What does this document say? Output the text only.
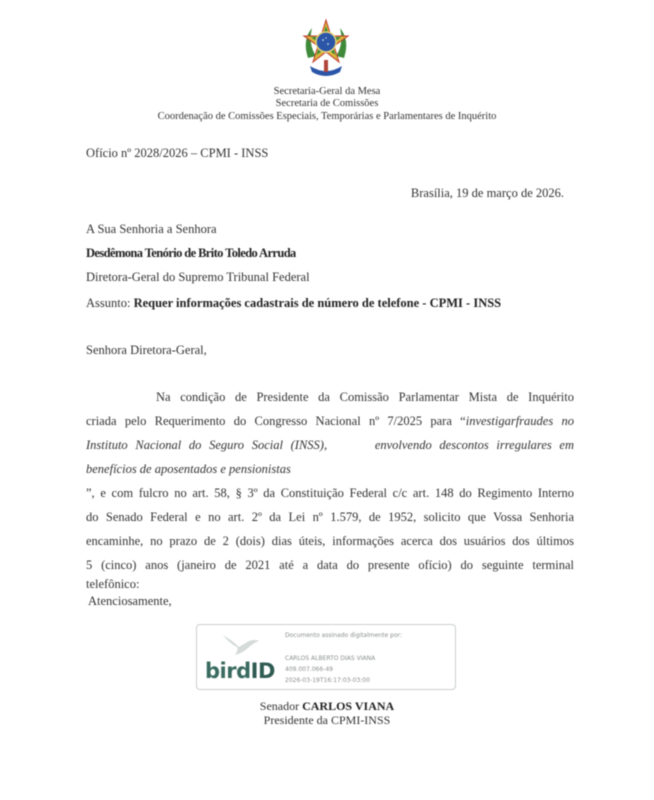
Secretaria-Geral da Mesa
Secretaria de Comissões
Coordenação de Comissões Especiais, Temporárias e Parlamentares de Inquérito
Ofício nº 2028/2026 – CPMI - INSS
Brasília, 19 de março de 2026.
A Sua Senhoria a Senhora
Desdêmona Tenório de Brito Toledo Arruda
Diretora-Geral do Supremo Tribunal Federal
Assunto: Requer informações cadastrais de número de telefone - CPMI - INSS
Senhora Diretora-Geral,
Na condição de Presidente da Comissão Parlamentar Mista de Inquérito
criada pelo Requerimento do Congresso Nacional nº 7/2025 para “investigarfraudes no
Instituto Nacional do Seguro Social (INSS),	envolvendo descontos irregulares em
benefícios de aposentados e pensionistas
”, e com fulcro no art. 58, § 3º da Constituição Federal c/c art. 148 do Regimento Interno
do Senado Federal e no art. 2º da Lei nº 1.579, de 1952, solicito que Vossa Senhoria
encaminhe, no prazo de 2 (dois) dias úteis, informações acerca dos usuários dos últimos
5 (cinco) anos (janeiro de 2021 até a data do presente ofício) do seguinte terminal
telefônico:
Atenciosamente,
birdID
Documento assinado digitalmente por:
CARLOS ALBERTO DIAS VIANA
409.007.066-49
2026-03-19T16:17:03-03:00
Senador CARLOS VIANA
Presidente da CPMI-INSS
